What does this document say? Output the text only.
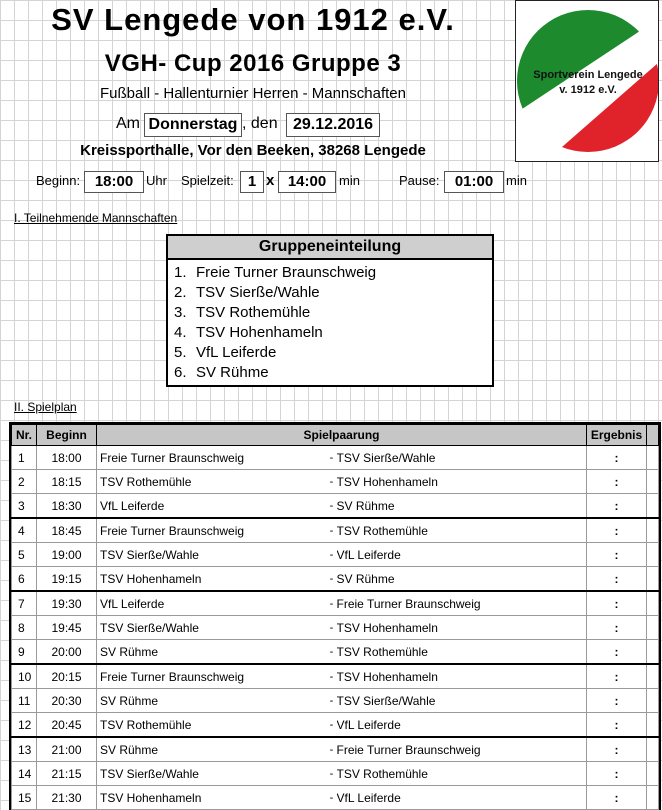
SV Lengede von 1912 e.V.
VGH- Cup 2016 Gruppe 3
Fußball - Hallenturnier Herren - Mannschaften
Am Donnerstag , den 29.12.2016
Kreissporthalle, Vor den Beeken, 38268 Lengede
Beginn: 18:00 Uhr Spielzeit: 1 x 14:00 min	Pause:	01:00 min
Sportverein Lengede
v. 1912 e.V.
I. Teilnehmende Mannschaften
Gruppeneinteilung
1. Freie Turner Braunschweig
2. TSV Sierße/Wahle
3. TSV Rothemühle
4. TSV Hohenhameln
5. VfL Leiferde
6. SV Rühme
II. Spielplan
Nr.	Beginn	Spielpaarung			Ergebnis	
1	18:00	Freie Turner Braunschweig	-	TSV Sierße/Wahle	:	
2	18:15	TSV Rothemühle	-	TSV Hohenhameln	:	
3	18:30	VfL Leiferde	-	SV Rühme	:	
4	18:45	Freie Turner Braunschweig	-	TSV Rothemühle	:	
5	19:00	TSV Sierße/Wahle	-	VfL Leiferde	:	
6	19:15	TSV Hohenhameln	-	SV Rühme	:	
7	19:30	VfL Leiferde	-	Freie Turner Braunschweig	:	
8	19:45	TSV Sierße/Wahle	-	TSV Hohenhameln	:	
9	20:00	SV Rühme	-	TSV Rothemühle	:	
10	20:15	Freie Turner Braunschweig	-	TSV Hohenhameln	:	
11	20:30	SV Rühme	-	TSV Sierße/Wahle	:	
12	20:45	TSV Rothemühle	-	VfL Leiferde	:	
13	21:00	SV Rühme	-	Freie Turner Braunschweig	:	
14	21:15	TSV Sierße/Wahle	-	TSV Rothemühle	:	
15	21:30	TSV Hohenhameln	-	VfL Leiferde	:	
